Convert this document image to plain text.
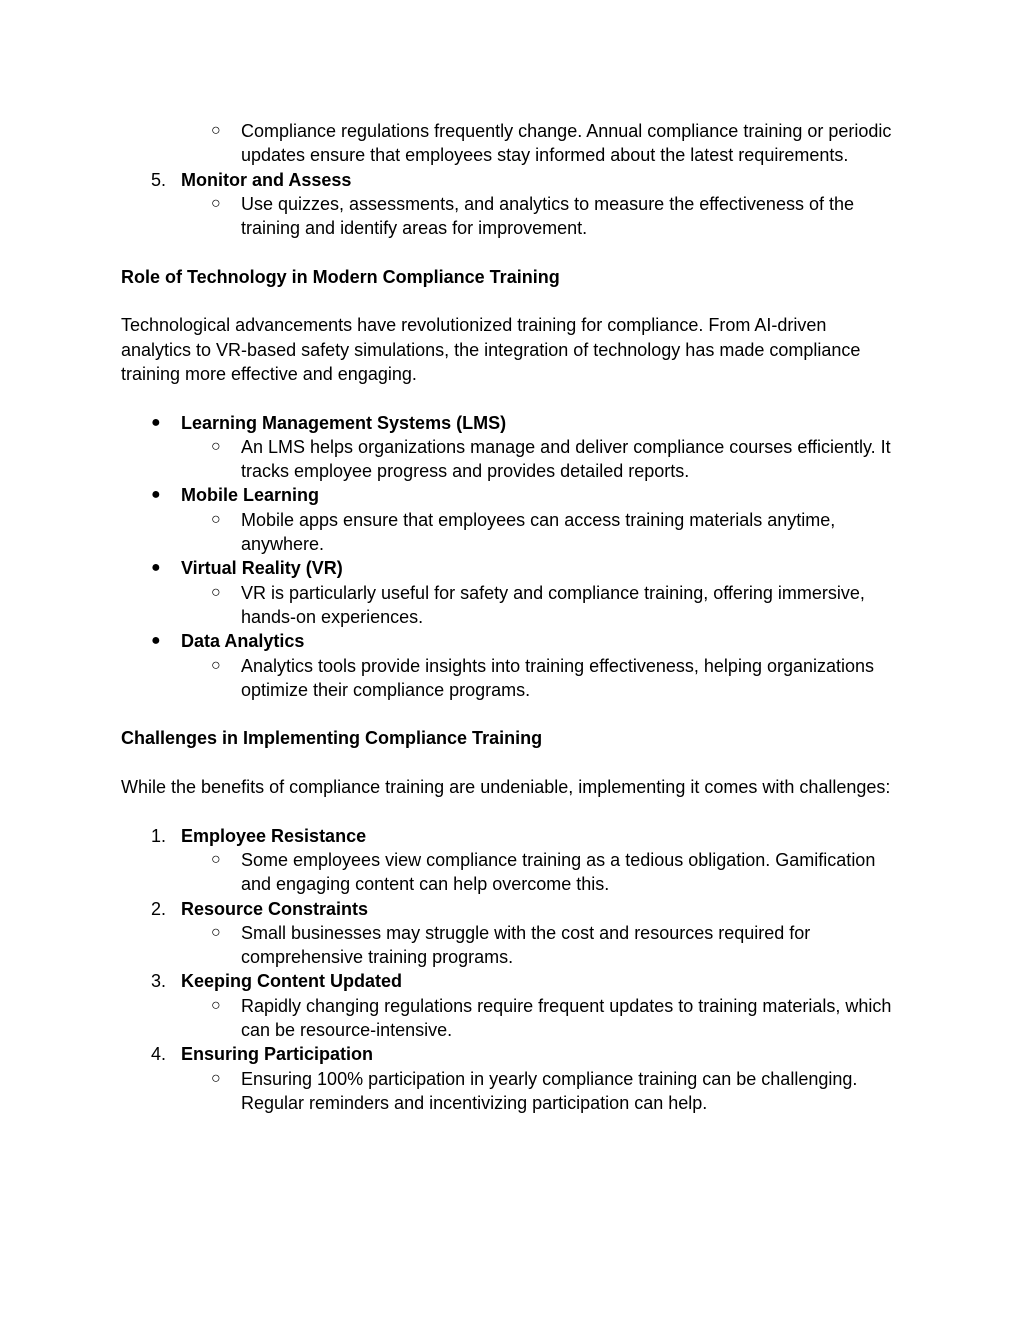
○ Compliance regulations frequently change. Annual compliance training or periodic updates ensure that employees stay informed about the latest requirements.
5. Monitor and Assess
○ Use quizzes, assessments, and analytics to measure the effectiveness of the training and identify areas for improvement.
Role of Technology in Modern Compliance Training
Technological advancements have revolutionized training for compliance. From AI-driven analytics to VR-based safety simulations, the integration of technology has made compliance training more effective and engaging.
● Learning Management Systems (LMS)
○ An LMS helps organizations manage and deliver compliance courses efficiently. It tracks employee progress and provides detailed reports.
● Mobile Learning
○ Mobile apps ensure that employees can access training materials anytime, anywhere.
● Virtual Reality (VR)
○ VR is particularly useful for safety and compliance training, offering immersive, hands-on experiences.
● Data Analytics
○ Analytics tools provide insights into training effectiveness, helping organizations optimize their compliance programs.
Challenges in Implementing Compliance Training
While the benefits of compliance training are undeniable, implementing it comes with challenges:
1. Employee Resistance
○ Some employees view compliance training as a tedious obligation. Gamification and engaging content can help overcome this.
2. Resource Constraints
○ Small businesses may struggle with the cost and resources required for comprehensive training programs.
3. Keeping Content Updated
○ Rapidly changing regulations require frequent updates to training materials, which can be resource-intensive.
4. Ensuring Participation
○ Ensuring 100% participation in yearly compliance training can be challenging. Regular reminders and incentivizing participation can help.
